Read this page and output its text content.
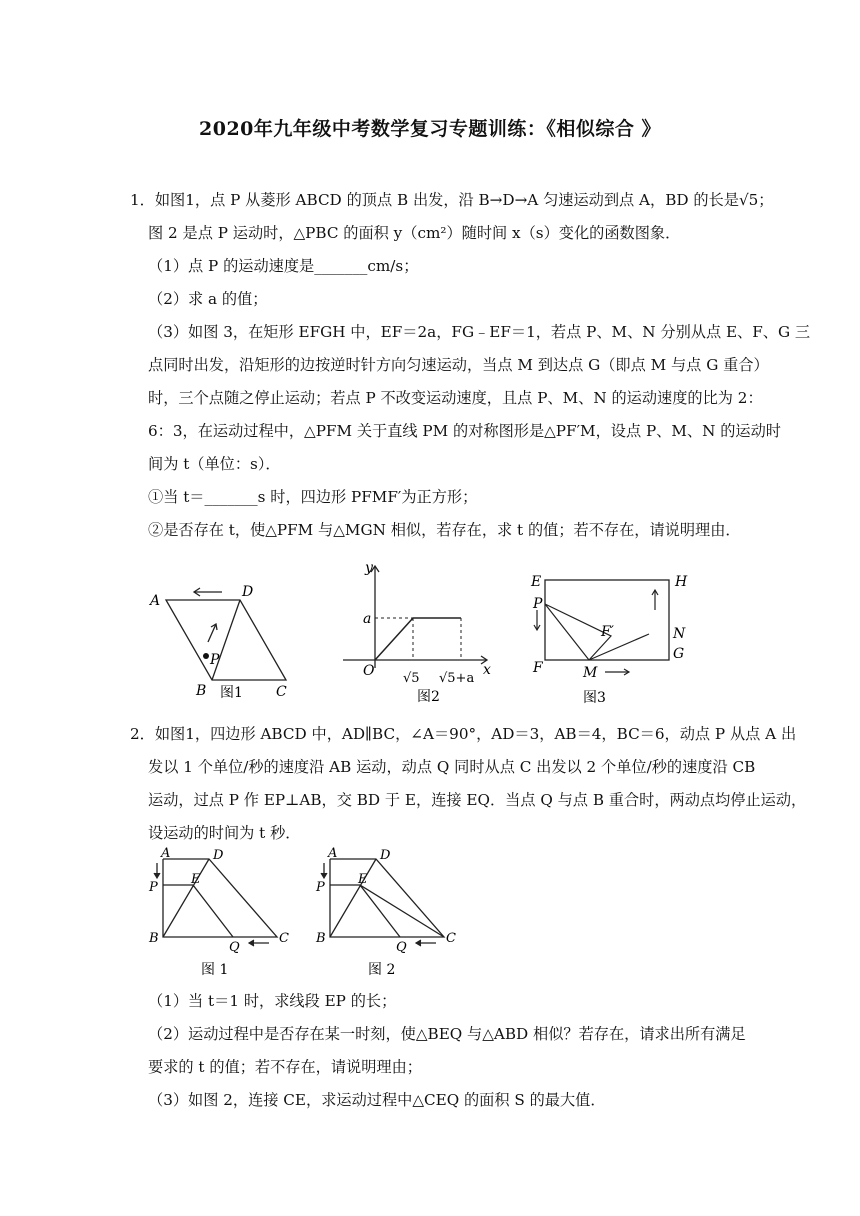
2020年九年级中考数学复习专题训练：《相似综合 》
1．如图1，点 P 从菱形 ABCD 的顶点 B 出发，沿 B→D→A 匀速运动到点 A，BD 的长是√5；
图 2 是点 P 运动时，△PBC 的面积 y（cm²）随时间 x（s）变化的函数图象．
（1）点 P 的运动速度是_______cm/s；
（2）求 a 的值；
（3）如图 3，在矩形 EFGH 中，EF＝2a，FG﹣EF＝1，若点 P、M、N 分别从点 E、F、G 三
点同时出发，沿矩形的边按逆时针方向匀速运动，当点 M 到达点 G（即点 M 与点 G 重合）
时，三个点随之停止运动；若点 P 不改变运动速度，且点 P、M、N 的运动速度的比为 2：
6：3，在运动过程中，△PFM 关于直线 PM 的对称图形是△PF′M，设点 P、M、N 的运动时
间为 t（单位：s）．
①当 t＝_______s 时，四边形 PFMF′为正方形；
②是否存在 t，使△PFM 与△MGN 相似，若存在，求 t 的值；若不存在，请说明理由．
A
D
P
B	C
图1
y
x
O
a
√5 √5+a
图2
E
P
H
F′	N
G
F	M
图3
2．如图1，四边形 ABCD 中，AD∥BC，∠A＝90°，AD＝3，AB＝4，BC＝6，动点 P 从点 A 出
发以 1 个单位/秒的速度沿 AB 运动，动点 Q 同时从点 C 出发以 2 个单位/秒的速度沿 CB
运动，过点 P 作 EP⊥AB，交 BD 于 E，连接 EQ．当点 Q 与点 B 重合时，两动点均停止运动，
设运动的时间为 t 秒．
A	D
P
E
B
Q
C
图 1
A	D
P
E
B
Q
C
图 2
（1）当 t＝1 时，求线段 EP 的长；
（2）运动过程中是否存在某一时刻，使△BEQ 与△ABD 相似？若存在，请求出所有满足
要求的 t 的值；若不存在，请说明理由；
（3）如图 2，连接 CE，求运动过程中△CEQ 的面积 S 的最大值．
